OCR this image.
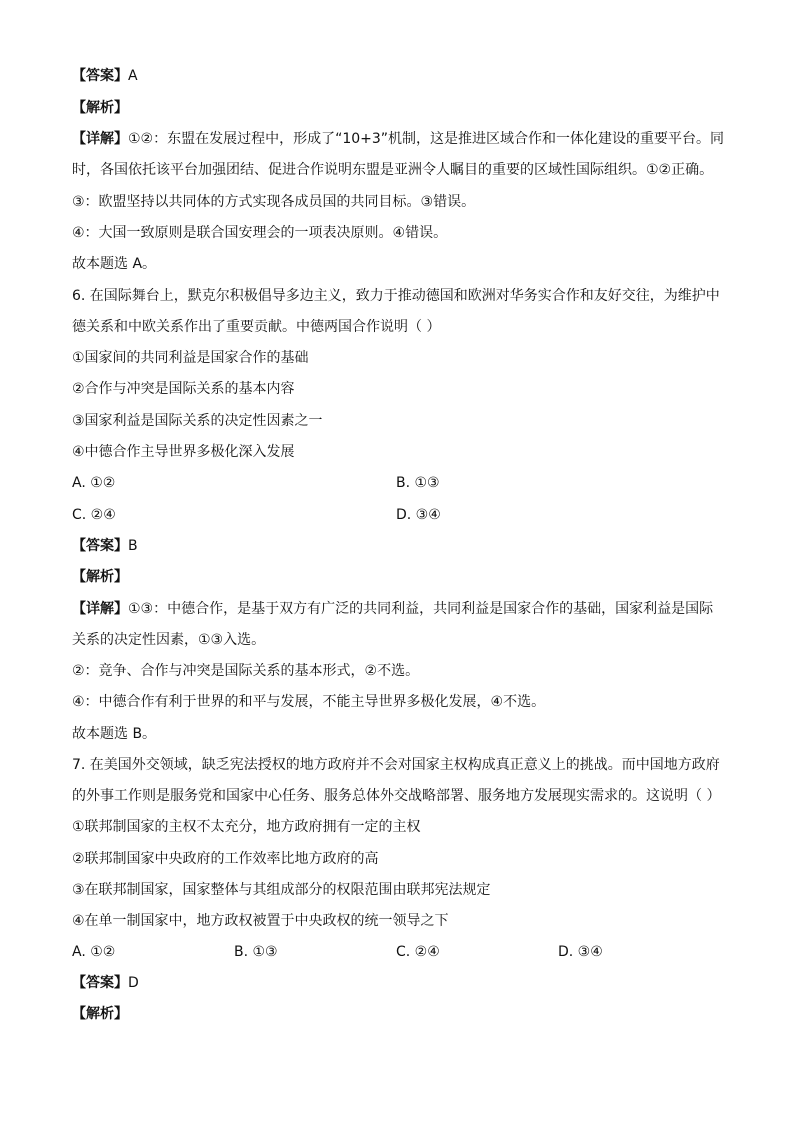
【答案】A
【解析】
【详解】①②：东盟在发展过程中，形成了“10+3”机制，这是推进区域合作和一体化建设的重要平台。同
时，各国依托该平台加强团结、促进合作说明东盟是亚洲令人瞩目的重要的区域性国际组织。①②正确。
③：欧盟坚持以共同体的方式实现各成员国的共同目标。③错误。
④：大国一致原则是联合国安理会的一项表决原则。④错误。
故本题选 A。
6. 在国际舞台上，默克尔积极倡导多边主义，致力于推动德国和欧洲对华务实合作和友好交往，为维护中
德关系和中欧关系作出了重要贡献。中德两国合作说明（ ）
①国家间的共同利益是国家合作的基础
②合作与冲突是国际关系的基本内容
③国家利益是国际关系的决定性因素之一
④中德合作主导世界多极化深入发展
A. ①②	B. ①③
C. ②④	D. ③④
【答案】B
【解析】
【详解】①③：中德合作，是基于双方有广泛的共同利益，共同利益是国家合作的基础，国家利益是国际
关系的决定性因素，①③入选。
②：竞争、合作与冲突是国际关系的基本形式，②不选。
④：中德合作有利于世界的和平与发展，不能主导世界多极化发展，④不选。
故本题选 B。
7. 在美国外交领域，缺乏宪法授权的地方政府并不会对国家主权构成真正意义上的挑战。而中国地方政府
的外事工作则是服务党和国家中心任务、服务总体外交战略部署、服务地方发展现实需求的。这说明（ ）
①联邦制国家的主权不太充分，地方政府拥有一定的主权
②联邦制国家中央政府的工作效率比地方政府的高
③在联邦制国家，国家整体与其组成部分的权限范围由联邦宪法规定
④在单一制国家中，地方政权被置于中央政权的统一领导之下
A. ①②	B. ①③	C. ②④	D. ③④
【答案】D
【解析】
